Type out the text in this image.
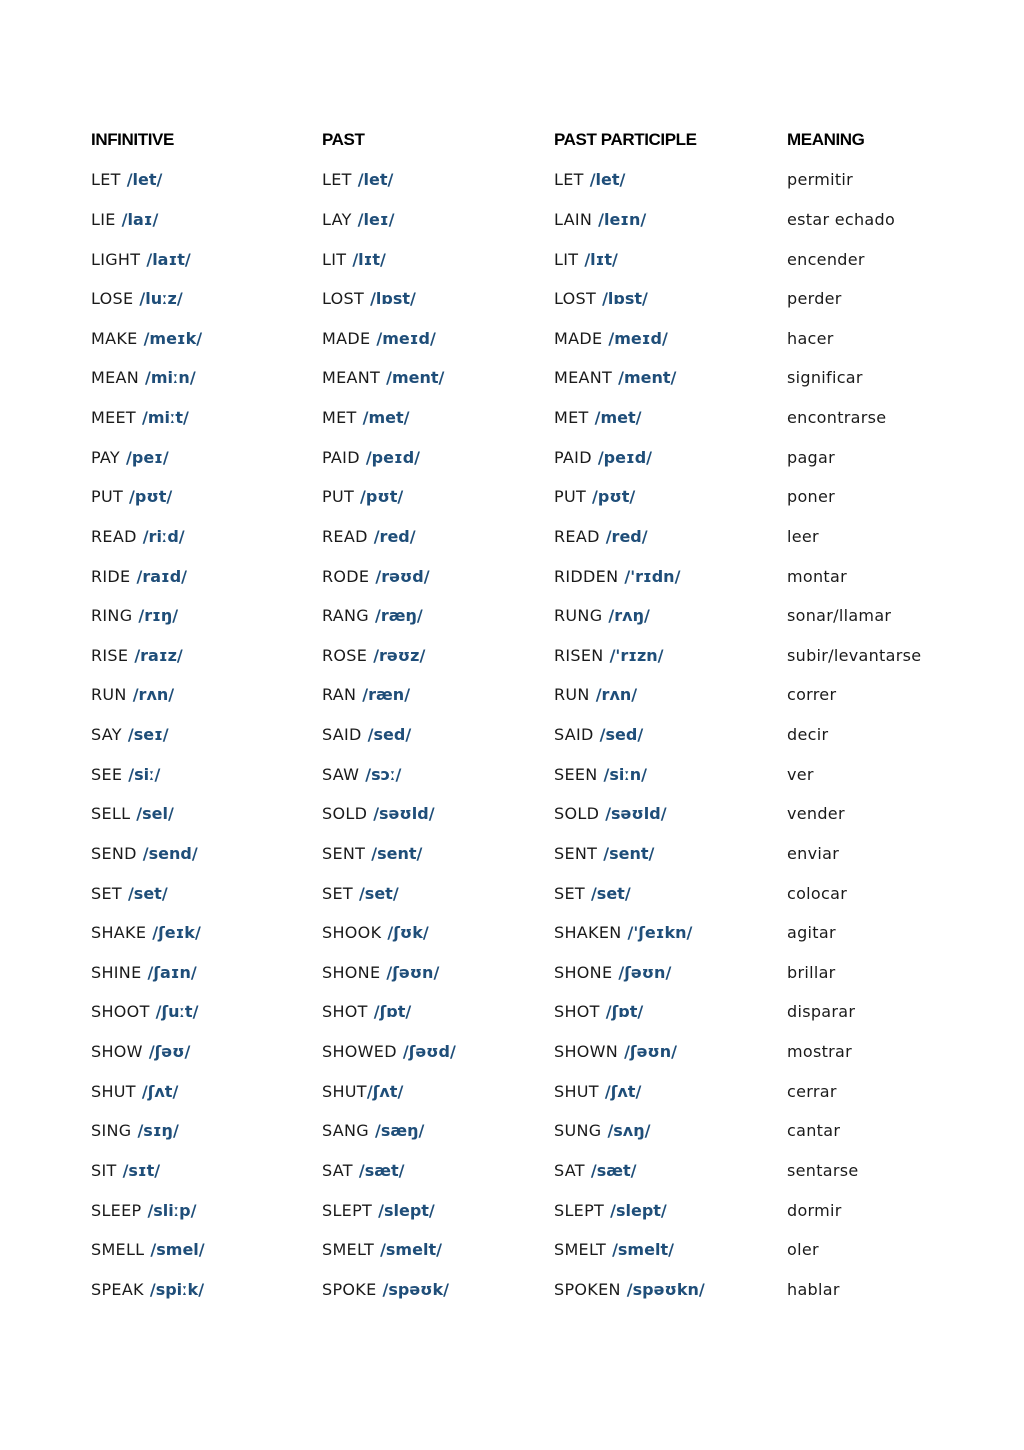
INFINITIVE	PAST	PAST PARTICIPLE	MEANING
LET /let/	LET /let/	LET /let/	permitir
LIE /laɪ/	LAY /leɪ/	LAIN /leɪn/	estar echado
LIGHT /laɪt/	LIT /lɪt/	LIT /lɪt/	encender
LOSE /luːz/	LOST /lɒst/	LOST /lɒst/	perder
MAKE /meɪk/	MADE /meɪd/	MADE /meɪd/	hacer
MEAN /miːn/	MEANT /ment/	MEANT /ment/	significar
MEET /miːt/	MET /met/	MET /met/	encontrarse
PAY /peɪ/	PAID /peɪd/	PAID /peɪd/	pagar
PUT /pʊt/	PUT /pʊt/	PUT /pʊt/	poner
READ /riːd/	READ /red/	READ /red/	leer
RIDE /raɪd/	RODE /rəʊd/	RIDDEN /'rɪdn/	montar
RING /rɪŋ/	RANG /ræŋ/	RUNG /rʌŋ/	sonar/llamar
RISE /raɪz/	ROSE /rəʊz/	RISEN /'rɪzn/	subir/levantarse
RUN /rʌn/	RAN /ræn/	RUN /rʌn/	correr
SAY /seɪ/	SAID /sed/	SAID /sed/	decir
SEE /siː/	SAW /sɔː/	SEEN /siːn/	ver
SELL /sel/	SOLD /səʊld/	SOLD /səʊld/	vender
SEND /send/	SENT /sent/	SENT /sent/	enviar
SET /set/	SET /set/	SET /set/	colocar
SHAKE /ʃeɪk/	SHOOK /ʃʊk/	SHAKEN /'ʃeɪkn/	agitar
SHINE /ʃaɪn/	SHONE /ʃəʊn/	SHONE /ʃəʊn/	brillar
SHOOT /ʃuːt/	SHOT /ʃɒt/	SHOT /ʃɒt/	disparar
SHOW /ʃəʊ/	SHOWED /ʃəʊd/	SHOWN /ʃəʊn/	mostrar
SHUT /ʃʌt/	SHUT/ʃʌt/	SHUT /ʃʌt/	cerrar
SING /sɪŋ/	SANG /sæŋ/	SUNG /sʌŋ/	cantar
SIT /sɪt/	SAT /sæt/	SAT /sæt/	sentarse
SLEEP /sliːp/	SLEPT /slept/	SLEPT /slept/	dormir
SMELL /smel/	SMELT /smelt/	SMELT /smelt/	oler
SPEAK /spiːk/	SPOKE /spəʊk/	SPOKEN /spəʊkn/	hablar
